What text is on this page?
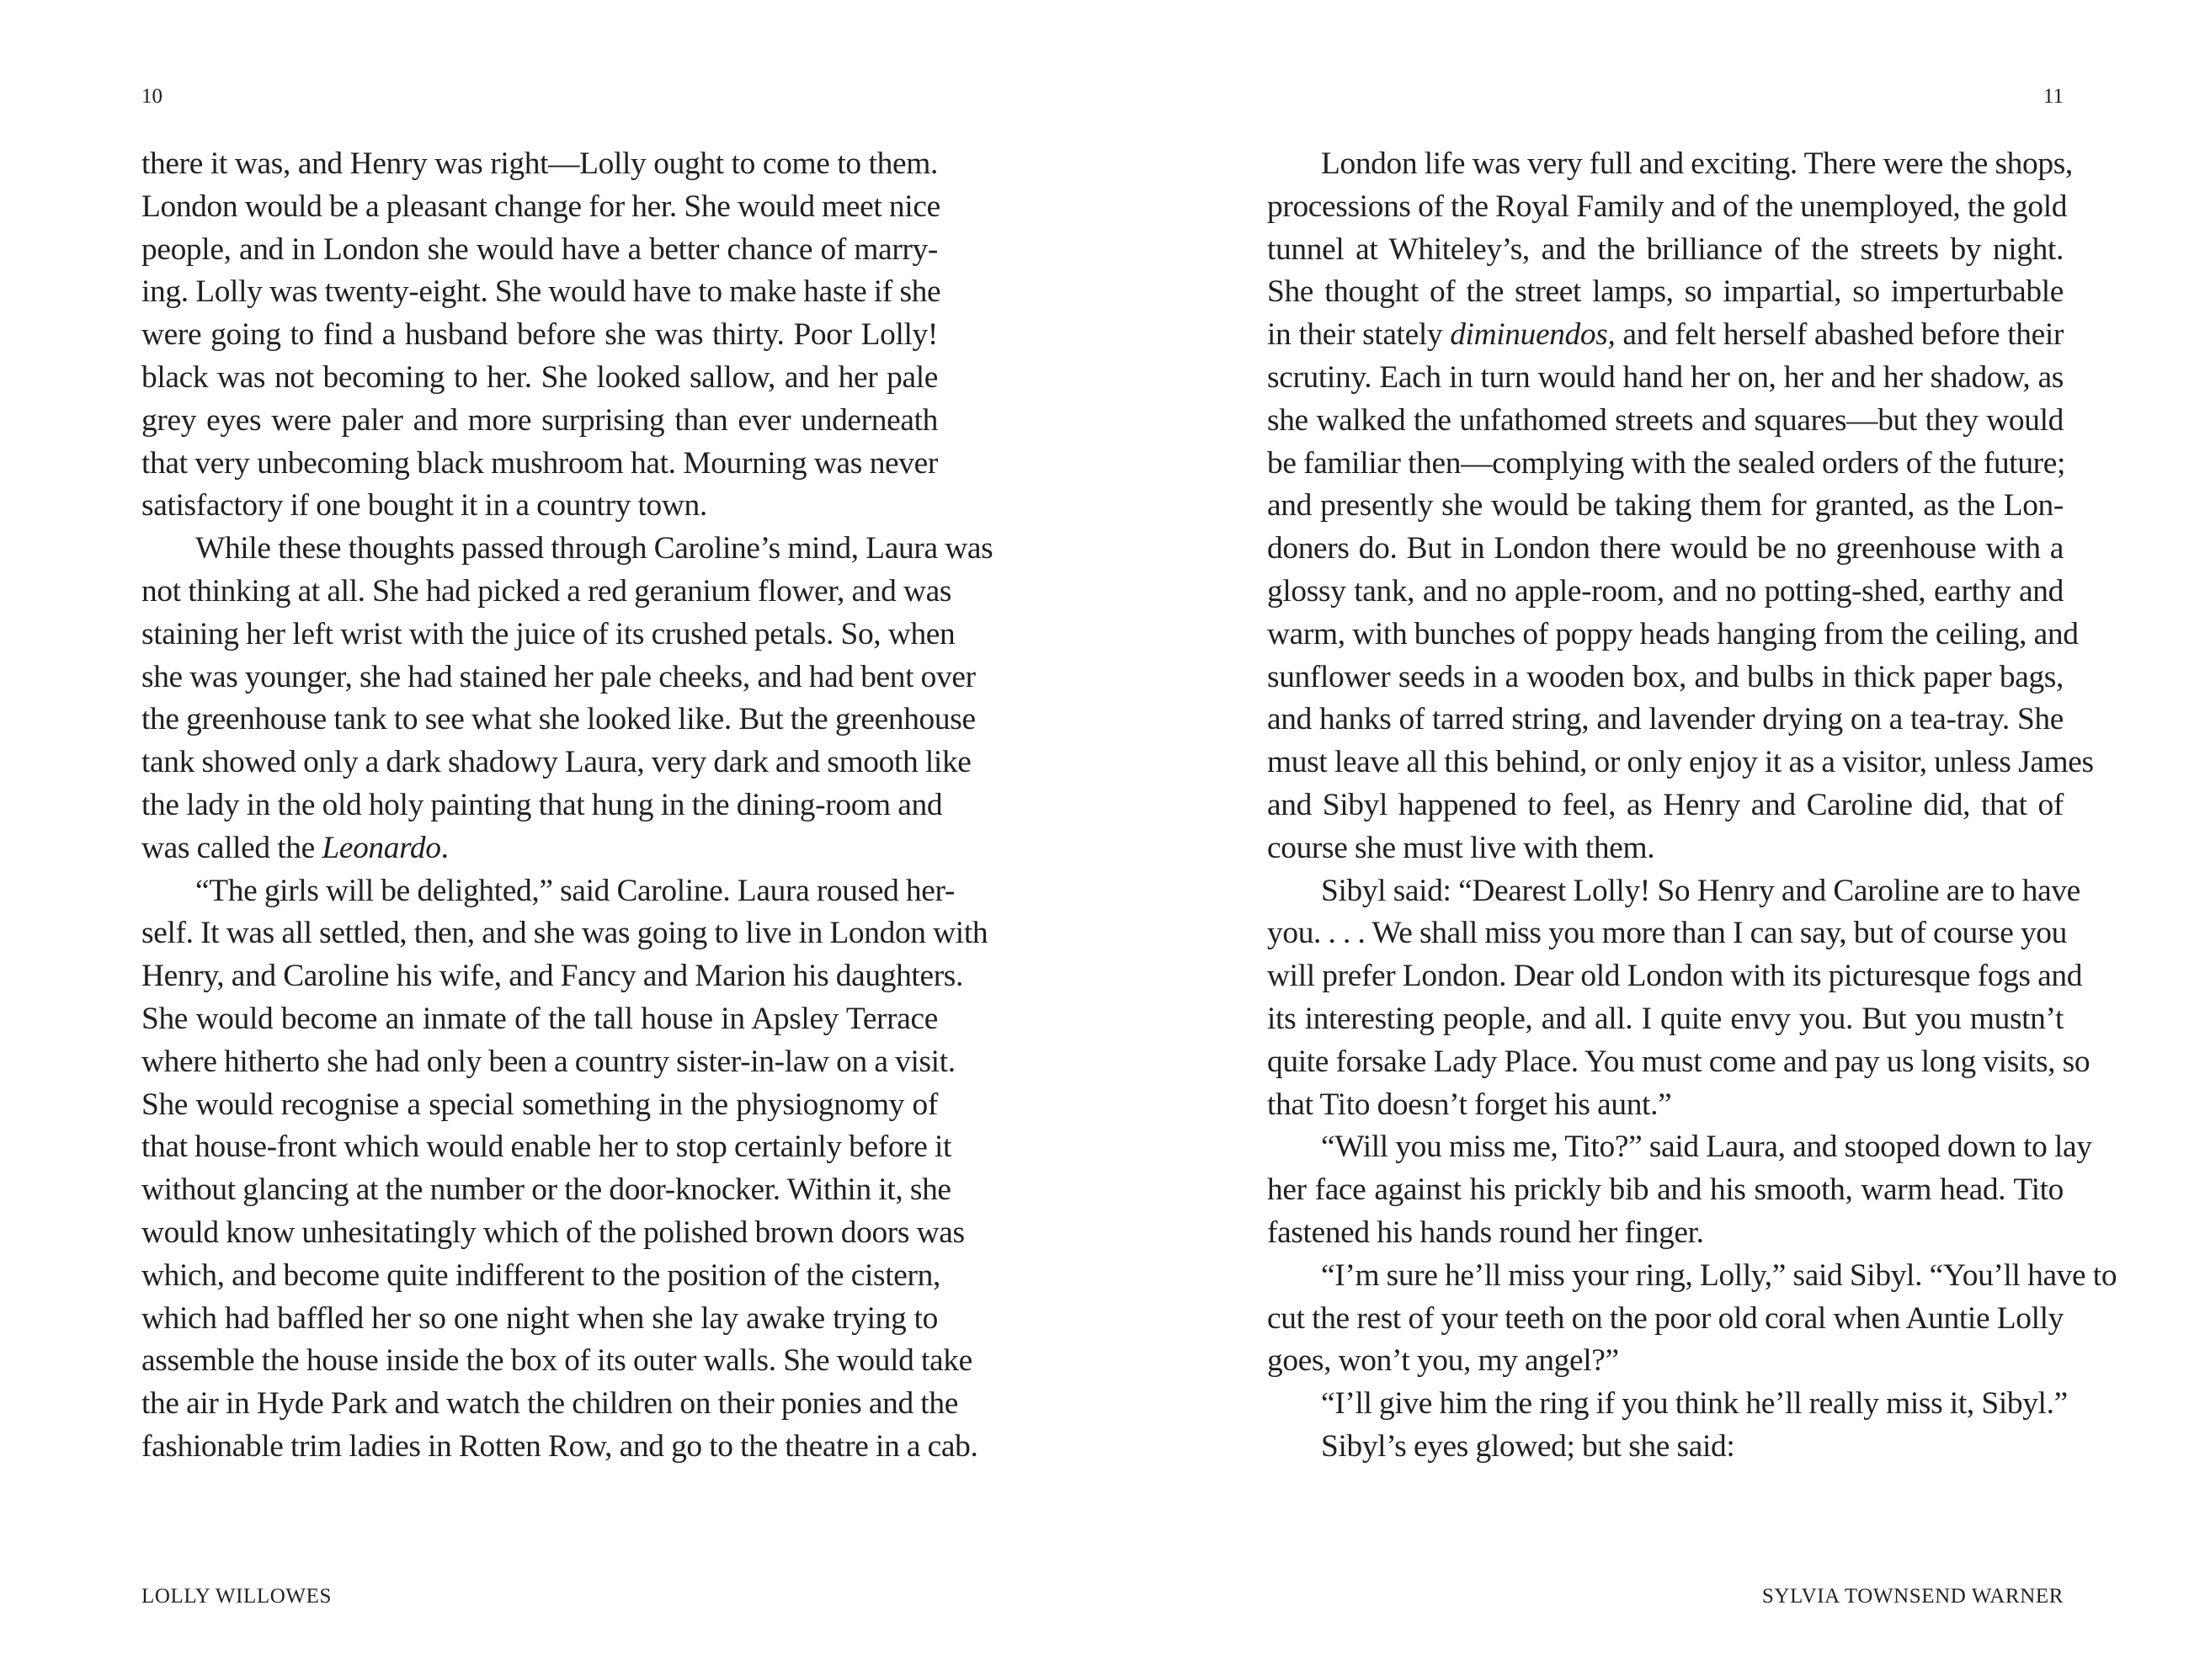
10

there it was, and Henry was right—Lolly ought to come to them.
London would be a pleasant change for her. She would meet nice
people, and in London she would have a better chance of marry-
ing. Lolly was twenty-eight. She would have to make haste if she
were going to find a husband before she was thirty. Poor Lolly!
black was not becoming to her. She looked sallow, and her pale
grey eyes were paler and more surprising than ever underneath
that very unbecoming black mushroom hat. Mourning was never
satisfactory if one bought it in a country town.

While these thoughts passed through Caroline’s mind, Laura was
not thinking at all. She had picked a red geranium flower, and was
staining her left wrist with the juice of its crushed petals. So, when
she was younger, she had stained her pale cheeks, and had bent over
the greenhouse tank to see what she looked like. But the greenhouse
tank showed only a dark shadowy Laura, very dark and smooth like
the lady in the old holy painting that hung in the dining-room and
was called the Leonardo.

“The girls will be delighted,” said Caroline. Laura roused her-
self. It was all settled, then, and she was going to live in London with
Henry, and Caroline his wife, and Fancy and Marion his daughters.
She would become an inmate of the tall house in Apsley Terrace
where hitherto she had only been a country sister-in-law on a visit.
She would recognise a special something in the physiognomy of
that house-front which would enable her to stop certainly before it
without glancing at the number or the door-knocker. Within it, she
would know unhesitatingly which of the polished brown doors was
which, and become quite indifferent to the position of the cistern,
which had baffled her so one night when she lay awake trying to
assemble the house inside the box of its outer walls. She would take
the air in Hyde Park and watch the children on their ponies and the
fashionable trim ladies in Rotten Row, and go to the theatre in a cab.

LOLLY WILLOWES

11

London life was very full and exciting. There were the shops,
processions of the Royal Family and of the unemployed, the gold
tunnel at Whiteley’s, and the brilliance of the streets by night.
She thought of the street lamps, so impartial, so imperturbable
in their stately diminuendos, and felt herself abashed before their
scrutiny. Each in turn would hand her on, her and her shadow, as
she walked the unfathomed streets and squares—but they would
be familiar then—complying with the sealed orders of the future;
and presently she would be taking them for granted, as the Lon-
doners do. But in London there would be no greenhouse with a
glossy tank, and no apple-room, and no potting-shed, earthy and
warm, with bunches of poppy heads hanging from the ceiling, and
sunflower seeds in a wooden box, and bulbs in thick paper bags,
and hanks of tarred string, and lavender drying on a tea-tray. She
must leave all this behind, or only enjoy it as a visitor, unless James
and Sibyl happened to feel, as Henry and Caroline did, that of
course she must live with them.

Sibyl said: “Dearest Lolly! So Henry and Caroline are to have
you. . . . We shall miss you more than I can say, but of course you
will prefer London. Dear old London with its picturesque fogs and
its interesting people, and all. I quite envy you. But you mustn’t
quite forsake Lady Place. You must come and pay us long visits, so
that Tito doesn’t forget his aunt.”

“Will you miss me, Tito?” said Laura, and stooped down to lay
her face against his prickly bib and his smooth, warm head. Tito
fastened his hands round her finger.

“I’m sure he’ll miss your ring, Lolly,” said Sibyl. “You’ll have to
cut the rest of your teeth on the poor old coral when Auntie Lolly
goes, won’t you, my angel?”

“I’ll give him the ring if you think he’ll really miss it, Sibyl.”

Sibyl’s eyes glowed; but she said:

SYLVIA TOWNSEND WARNER
